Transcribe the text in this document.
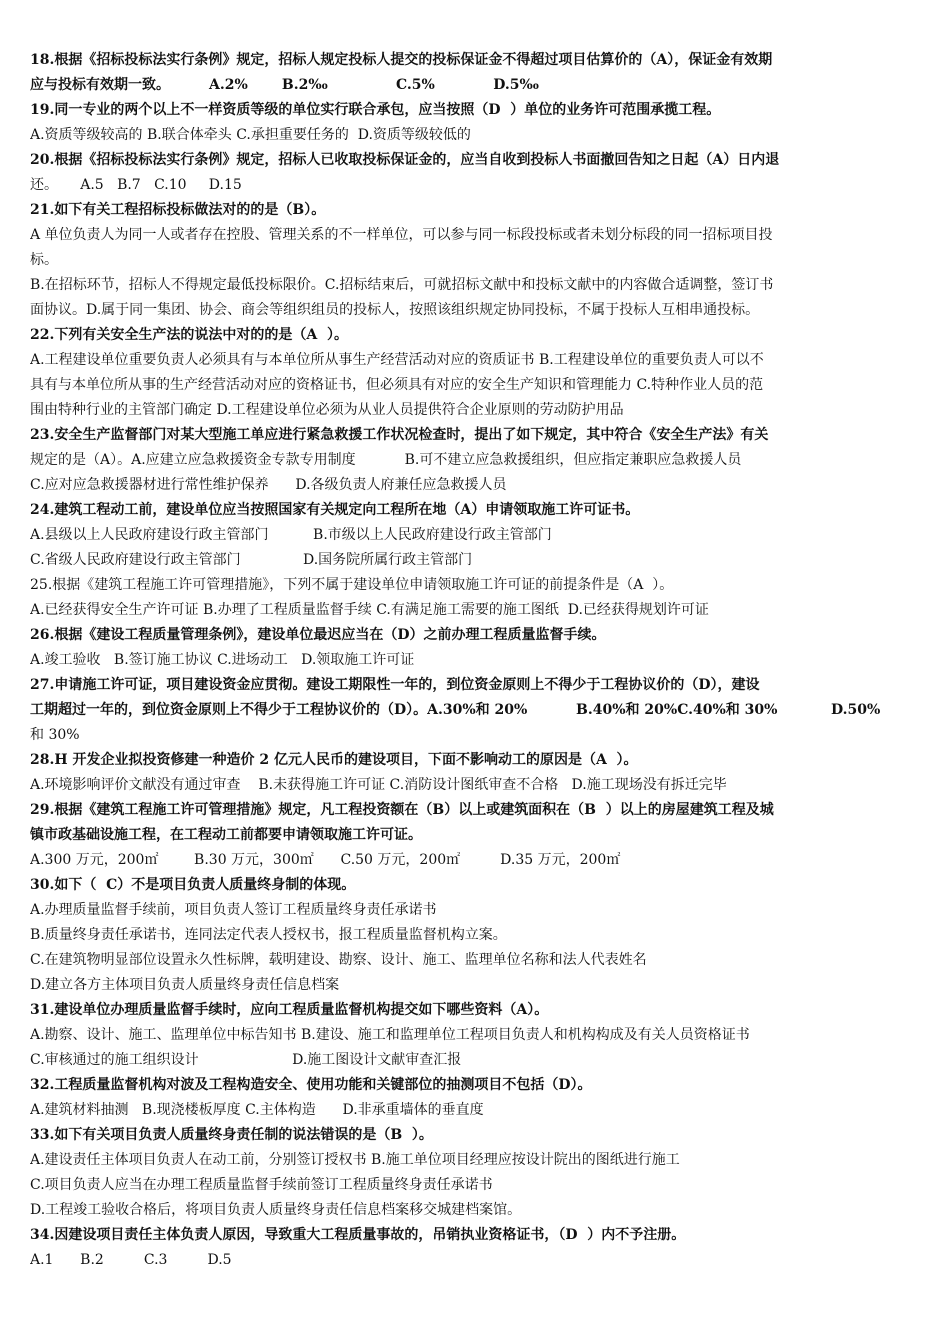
18.根据《招标投标法实行条例》规定，招标人规定投标人提交的投标保证金不得超过项目估算价的（A），保证金有效期
应与投标有效期一致。        A.2%       B.2‰              C.5%            D.5‰
19.同一专业的两个以上不一样资质等级的单位实行联合承包，应当按照（D  ）单位的业务许可范围承揽工程。
A.资质等级较高的 B.联合体牵头 C.承担重要任务的  D.资质等级较低的
20.根据《招标投标法实行条例》规定，招标人已收取投标保证金的，应当自收到投标人书面撤回告知之日起（A）日内退
还。     A.5   B.7   C.10     D.15
21.如下有关工程招标投标做法对的的是（B）。
A 单位负责人为同一人或者存在控股、管理关系的不一样单位，可以参与同一标段投标或者未划分标段的同一招标项目投
标。
B.在招标环节，招标人不得规定最低投标限价。C.招标结束后，可就招标文献中和投标文献中的内容做合适调整，签订书
面协议。D.属于同一集团、协会、商会等组织组员的投标人，按照该组织规定协同投标，不属于投标人互相串通投标。
22.下列有关安全生产法的说法中对的的是（A  ）。
A.工程建设单位重要负责人必须具有与本单位所从事生产经营活动对应的资质证书 B.工程建设单位的重要负责人可以不
具有与本单位所从事的生产经营活动对应的资格证书，但必须具有对应的安全生产知识和管理能力 C.特种作业人员的范
围由特种行业的主管部门确定 D.工程建设单位必须为从业人员提供符合企业原则的劳动防护用品
23.安全生产监督部门对某大型施工单应进行紧急救援工作状况检查时，提出了如下规定，其中符合《安全生产法》有关
规定的是（A）。A.应建立应急救援资金专款专用制度           B.可不建立应急救援组织，但应指定兼职应急救援人员
C.应对应急救援器材进行常性维护保养      D.各级负责人府兼任应急救援人员
24.建筑工程动工前，建设单位应当按照国家有关规定向工程所在地（A）申请领取施工许可证书。
A.县级以上人民政府建设行政主管部门          B.市级以上人民政府建设行政主管部门
C.省级人民政府建设行政主管部门              D.国务院所属行政主管部门
25.根据《建筑工程施工许可管理措施》，下列不属于建设单位申请领取施工许可证的前提条件是（A  ）。
A.已经获得安全生产许可证 B.办理了工程质量监督手续 C.有满足施工需要的施工图纸  D.已经获得规划许可证
26.根据《建设工程质量管理条例》，建设单位最迟应当在（D）之前办理工程质量监督手续。
A.竣工验收   B.签订施工协议 C.进场动工   D.领取施工许可证
27.申请施工许可证，项目建设资金应贯彻。建设工期限性一年的，到位资金原则上不得少于工程协议价的（D），建设
工期超过一年的，到位资金原则上不得少于工程协议价的（D）。A.30%和 20%          B.40%和 20%C.40%和 30%           D.50%
和 30%
28.H 开发企业拟投资修建一种造价 2 亿元人民币的建设项目，下面不影响动工的原因是（A  ）。
A.环境影响评价文献没有通过审查    B.未获得施工许可证 C.消防设计图纸审查不合格   D.施工现场没有拆迁完毕
29.根据《建筑工程施工许可管理措施》规定，凡工程投资额在（B）以上或建筑面积在（B  ）以上的房屋建筑工程及城
镇市政基础设施工程，在工程动工前都要申请领取施工许可证。
A.300 万元，200㎡        B.30 万元，300㎡      C.50 万元，200㎡         D.35 万元，200㎡
30.如下（  C）不是项目负责人质量终身制的体现。
A.办理质量监督手续前，项目负责人签订工程质量终身责任承诺书
B.质量终身责任承诺书，连同法定代表人授权书，报工程质量监督机构立案。
C.在建筑物明显部位设置永久性标牌，载明建设、勘察、设计、施工、监理单位名称和法人代表姓名
D.建立各方主体项目负责人质量终身责任信息档案
31.建设单位办理质量监督手续时，应向工程质量监督机构提交如下哪些资料（A）。
A.勘察、设计、施工、监理单位中标告知书 B.建设、施工和监理单位工程项目负责人和机构构成及有关人员资格证书
C.审核通过的施工组织设计                     D.施工图设计文献审查汇报
32.工程质量监督机构对波及工程构造安全、使用功能和关键部位的抽测项目不包括（D）。
A.建筑材料抽测   B.现浇楼板厚度 C.主体构造      D.非承重墙体的垂直度
33.如下有关项目负责人质量终身责任制的说法错误的是（B  ）。
A.建设责任主体项目负责人在动工前，分别签订授权书 B.施工单位项目经理应按设计院出的图纸进行施工
C.项目负责人应当在办理工程质量监督手续前签订工程质量终身责任承诺书
D.工程竣工验收合格后，将项目负责人质量终身责任信息档案移交城建档案馆。
34.因建设项目责任主体负责人原因，导致重大工程质量事故的，吊销执业资格证书，（D  ）内不予注册。
A.1      B.2         C.3         D.5
